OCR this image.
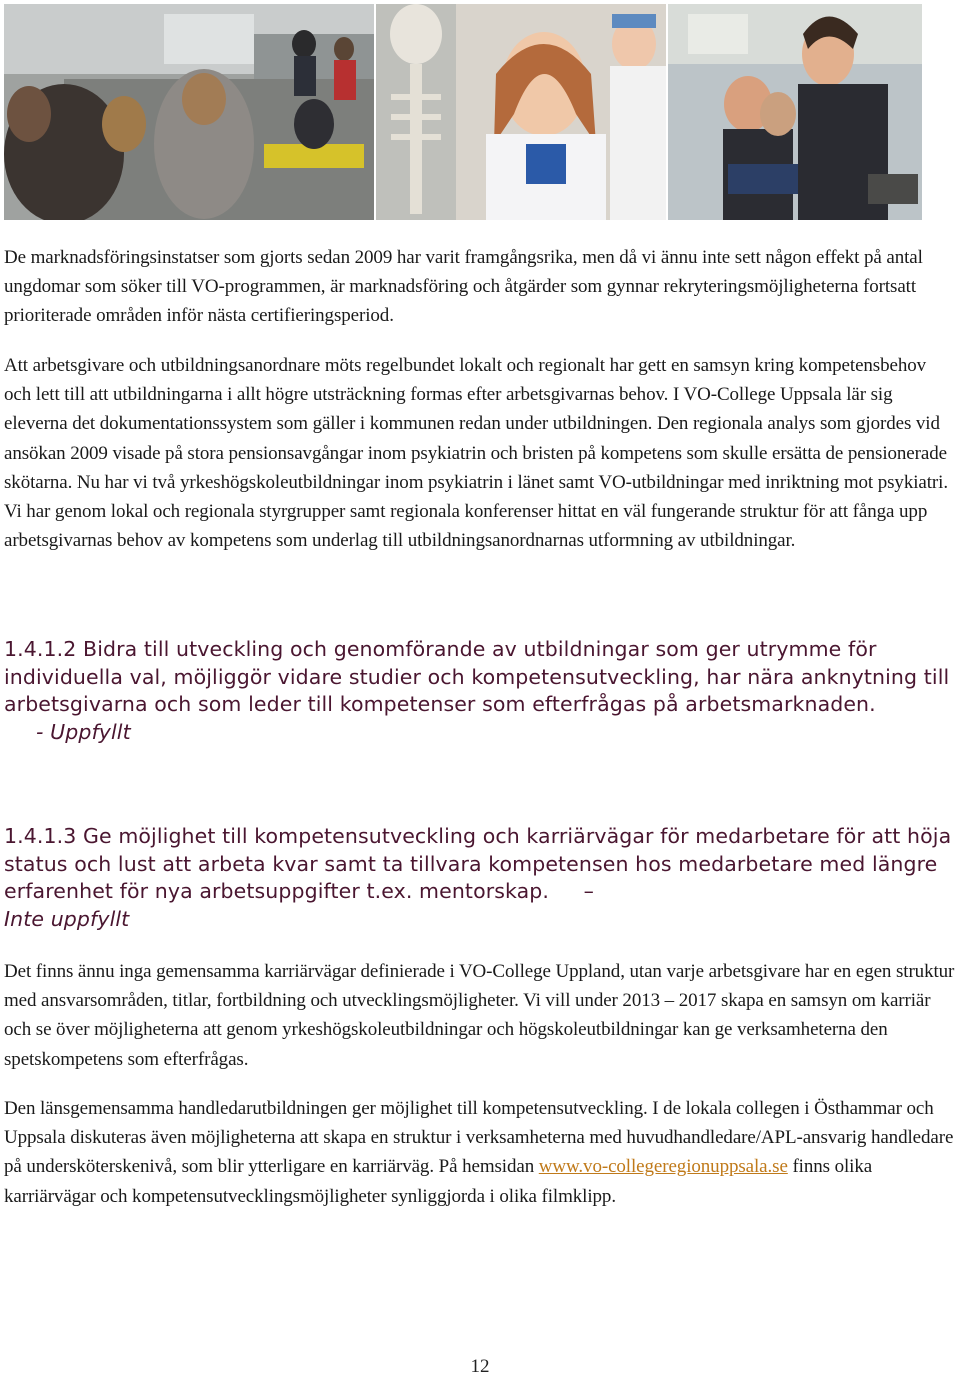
De marknadsföringsinstatser som gjorts sedan 2009 har varit framgångsrika, men då vi ännu inte sett någon effekt på antal ungdomar som söker till VO-programmen, är marknadsföring och åtgärder som gynnar rekryteringsmöjligheterna fortsatt prioriterade områden inför nästa certifieringsperiod.

Att arbetsgivare och utbildningsanordnare möts regelbundet lokalt och regionalt har gett en samsyn kring kompetensbehov och lett till att utbildningarna i allt högre utsträckning formas efter arbetsgivarnas behov. I VO-College Uppsala lär sig eleverna det dokumentationssystem som gäller i kommunen redan under utbildningen. Den regionala analys som gjordes vid ansökan 2009 visade på stora pensionsavgångar inom psykiatrin och bristen på kompetens som skulle ersätta de pensionerade skötarna. Nu har vi två yrkeshögskoleutbildningar inom psykiatrin i länet samt VO-utbildningar med inriktning mot psykiatri. Vi har genom lokal och regionala styrgrupper samt regionala konferenser hittat en väl fungerande struktur för att fånga upp arbetsgivarnas behov av kompetens som underlag till utbildningsanordnarnas utformning av utbildningar.

1.4.1.2 Bidra till utveckling och genomförande av utbildningar som ger utrymme för individuella val, möjliggör vidare studier och kompetensutveckling, har nära anknytning till arbetsgivarna och som leder till kompetenser som efterfrågas på arbetsmarknaden.
- Uppfyllt
1.4.1.3 Ge möjlighet till kompetensutveckling och karriärvägar för medarbetare för att höja status och lust att arbeta kvar samt ta tillvara kompetensen hos medarbetare med längre erfarenhet för nya arbetsuppgifter t.ex. mentorskap. –
Inte uppfyllt

Det finns ännu inga gemensamma karriärvägar definierade i VO-College Uppland, utan varje arbetsgivare har en egen struktur med ansvarsområden, titlar, fortbildning och utvecklingsmöjligheter. Vi vill under 2013 – 2017 skapa en samsyn om karriär och se över möjligheterna att genom yrkeshögskoleutbildningar och högskoleutbildningar kan ge verksamheterna den spetskompetens som efterfrågas.

Den länsgemensamma handledarutbildningen ger möjlighet till kompetensutveckling. I de lokala collegen i Östhammar och Uppsala diskuteras även möjligheterna att skapa en struktur i verksamheterna med huvudhandledare/APL-ansvarig handledare på undersköterskenivå, som blir ytterligare en karriärväg. På hemsidan www.vo-collegeregionuppsala.se finns olika karriärvägar och kompetensutvecklingsmöjligheter synliggjorda i olika filmklipp.

12
